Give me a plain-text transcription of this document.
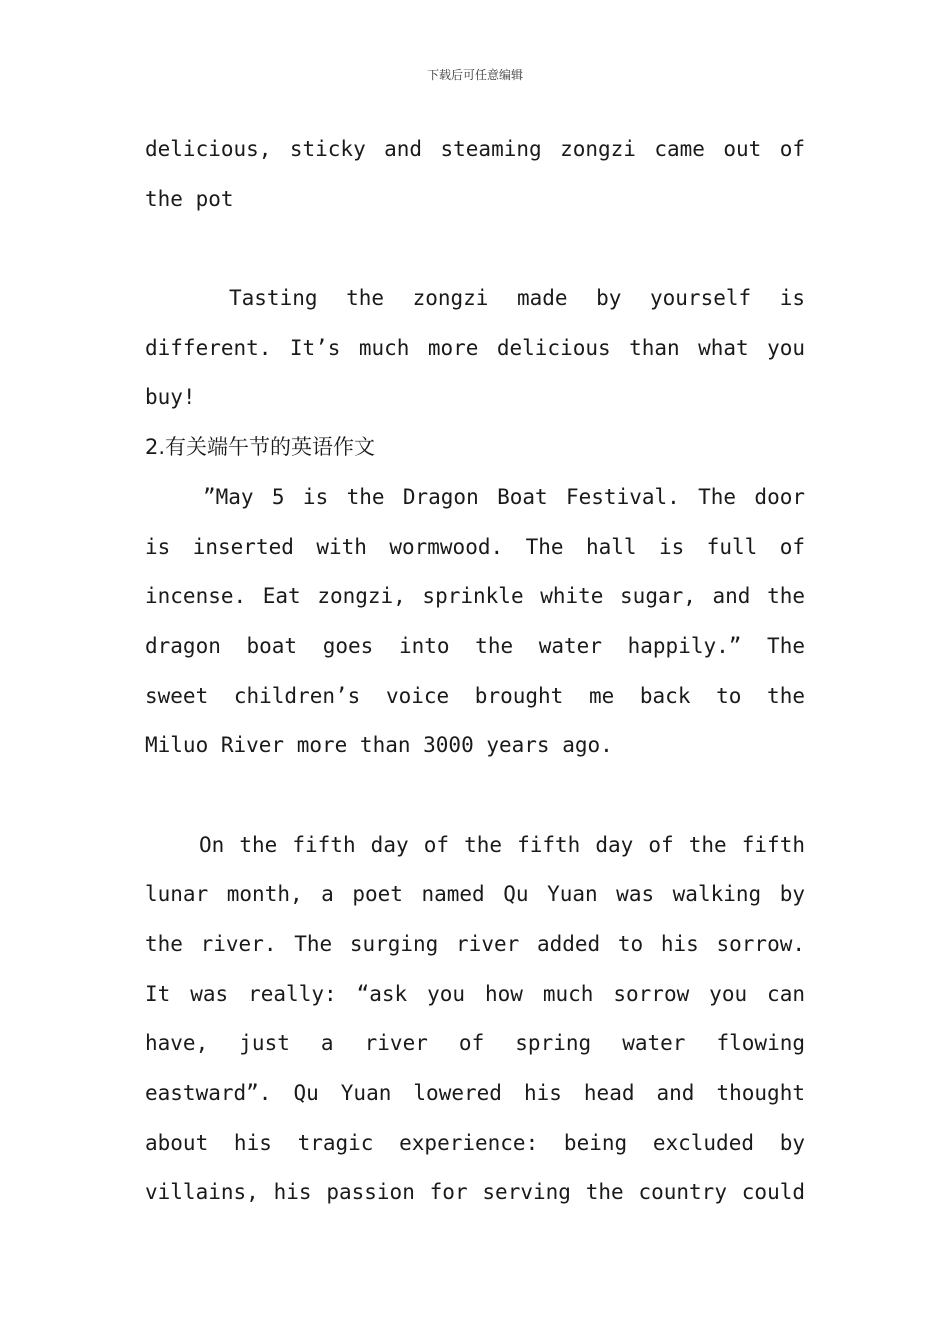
下载后可任意编辑
delicious, sticky and steaming zongzi came out of
the pot
Tasting the zongzi made by yourself is
different. It’s much more delicious than what you
buy!
2.有关端午节的英语作文
”May 5 is the Dragon Boat Festival. The door
is inserted with wormwood. The hall is full of
incense. Eat zongzi, sprinkle white sugar, and the
dragon boat goes into the water happily.” The
sweet children’s voice brought me back to the
Miluo River more than 3000 years ago.
On the fifth day of the fifth day of the fifth
lunar month, a poet named Qu Yuan was walking by
the river. The surging river added to his sorrow.
It was really: “ask you how much sorrow you can
have, just a river of spring water flowing
eastward”. Qu Yuan lowered his head and thought
about his tragic experience: being excluded by
villains, his passion for serving the country could
